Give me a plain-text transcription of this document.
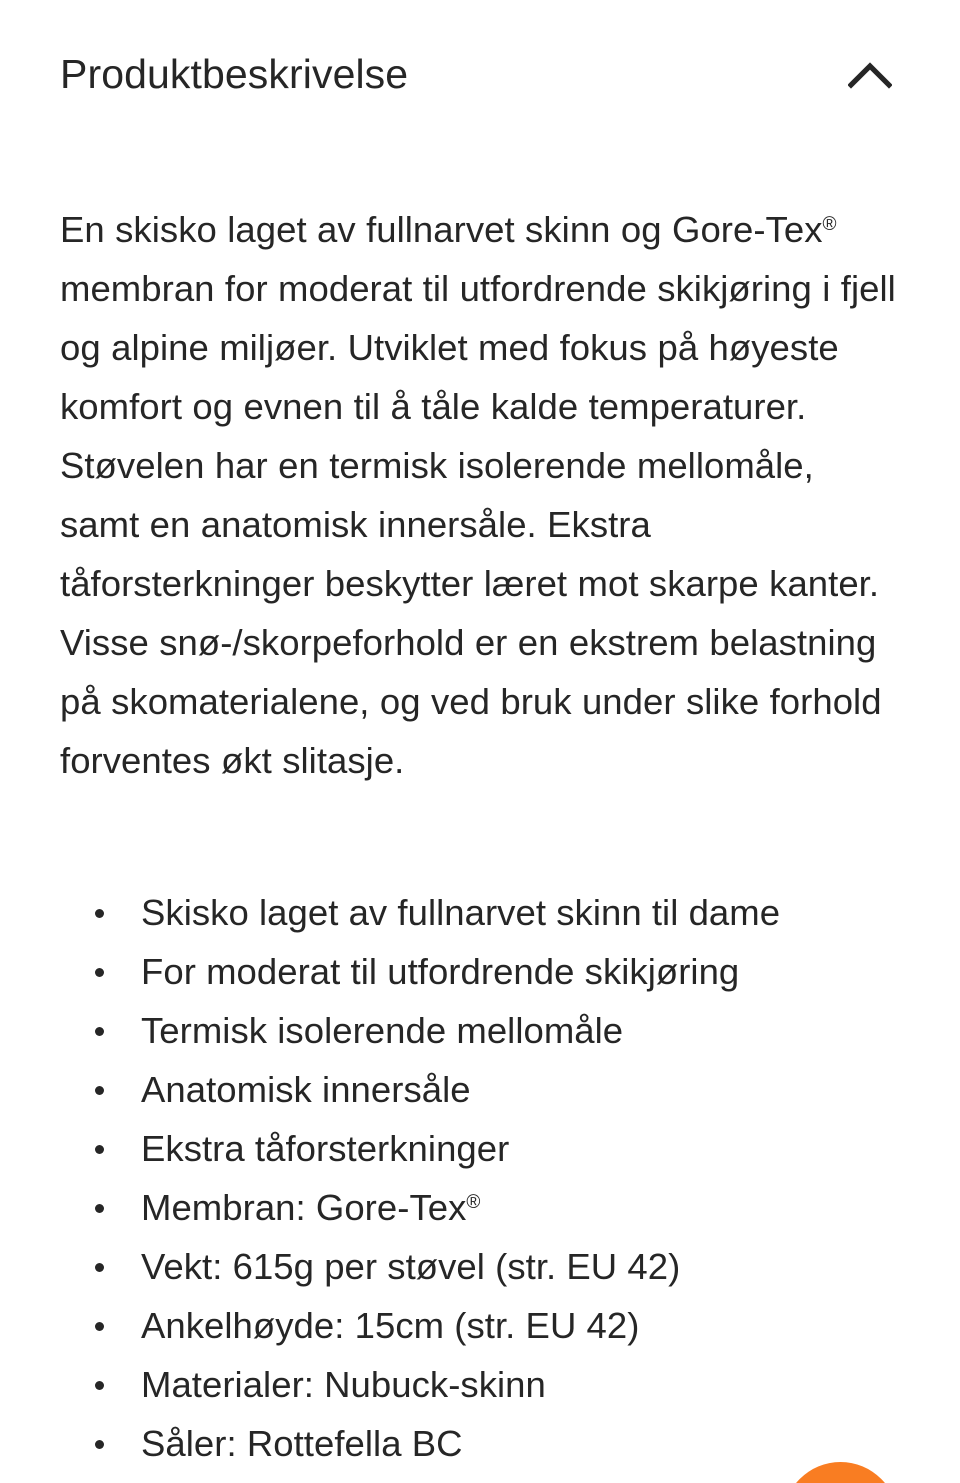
Produktbeskrivelse

En skisko laget av fullnarvet skinn og Gore-Tex® membran for moderat til utfordrende skikjøring i fjell og alpine miljøer. Utviklet med fokus på høyeste komfort og evnen til å tåle kalde temperaturer. Støvelen har en termisk isolerende mellomåle, samt en anatomisk innersåle. Ekstra tåforsterkninger beskytter læret mot skarpe kanter. Visse snø-/skorpeforhold er en ekstrem belastning på skomaterialene, og ved bruk under slike forhold forventes økt slitasje.

Skisko laget av fullnarvet skinn til dame
For moderat til utfordrende skikjøring
Termisk isolerende mellomåle
Anatomisk innersåle
Ekstra tåforsterkninger
Membran: Gore-Tex®
Vekt: 615g per støvel (str. EU 42)
Ankelhøyde: 15cm (str. EU 42)
Materialer: Nubuck-skinn
Såler: Rottefella BC
